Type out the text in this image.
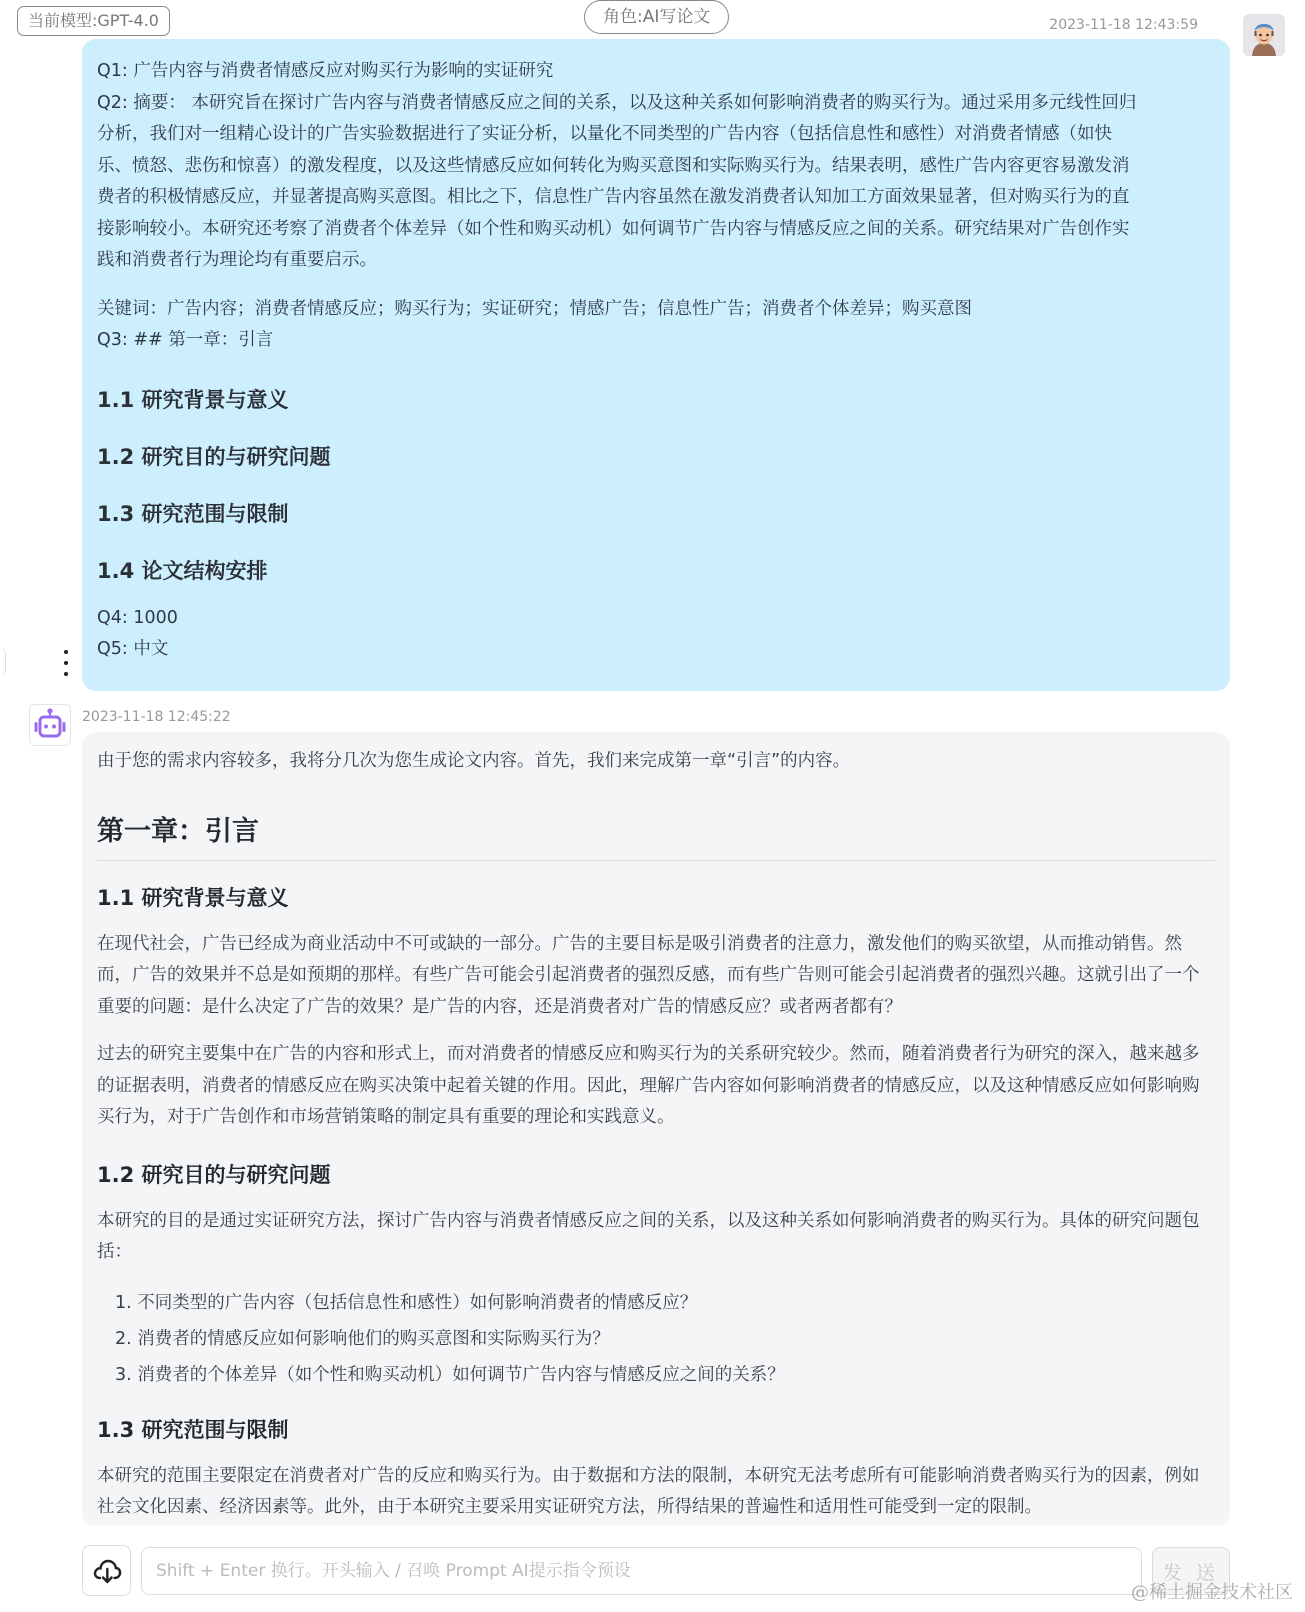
当前模型:GPT-4.0	角色:AI写论文	2023-11-18 12:43:59
Q1: 广告内容与消费者情感反应对购买行为影响的实证研究
Q2: 摘要： 本研究旨在探讨广告内容与消费者情感反应之间的关系，以及这种关系如何影响消费者的购买行为。通过采用多元线性回归
分析，我们对一组精心设计的广告实验数据进行了实证分析，以量化不同类型的广告内容（包括信息性和感性）对消费者情感（如快
乐、愤怒、悲伤和惊喜）的激发程度，以及这些情感反应如何转化为购买意图和实际购买行为。结果表明，感性广告内容更容易激发消
费者的积极情感反应，并显著提高购买意图。相比之下，信息性广告内容虽然在激发消费者认知加工方面效果显著，但对购买行为的直
接影响较小。本研究还考察了消费者个体差异（如个性和购买动机）如何调节广告内容与情感反应之间的关系。研究结果对广告创作实
践和消费者行为理论均有重要启示。
关键词：广告内容；消费者情感反应；购买行为；实证研究；情感广告；信息性广告；消费者个体差异；购买意图
Q3: ## 第一章：引言
1.1 研究背景与意义
1.2 研究目的与研究问题
1.3 研究范围与限制
1.4 论文结构安排
Q4: 1000
Q5: 中文
2023-11-18 12:45:22

由于您的需求内容较多，我将分几次为您生成论文内容。首先，我们来完成第一章“引言”的内容。

第一章：引言
1.1 研究背景与意义

在现代社会，广告已经成为商业活动中不可或缺的一部分。广告的主要目标是吸引消费者的注意力，激发他们的购买欲望，从而推动销售。然而，广告的效果并不总是如预期的那样。有些广告可能会引起消费者的强烈反感，而有些广告则可能会引起消费者的强烈兴趣。这就引出了一个重要的问题：是什么决定了广告的效果？是广告的内容，还是消费者对广告的情感反应？或者两者都有？

过去的研究主要集中在广告的内容和形式上，而对消费者的情感反应和购买行为的关系研究较少。然而，随着消费者行为研究的深入，越来越多的证据表明，消费者的情感反应在购买决策中起着关键的作用。因此，理解广告内容如何影响消费者的情感反应，以及这种情感反应如何影响购买行为，对于广告创作和市场营销策略的制定具有重要的理论和实践意义。

1.2 研究目的与研究问题

本研究的目的是通过实证研究方法，探讨广告内容与消费者情感反应之间的关系，以及这种关系如何影响消费者的购买行为。具体的研究问题包括：

1. 不同类型的广告内容（包括信息性和感性）如何影响消费者的情感反应？
2. 消费者的情感反应如何影响他们的购买意图和实际购买行为？
3. 消费者的个体差异（如个性和购买动机）如何调节广告内容与情感反应之间的关系？
1.3 研究范围与限制

本研究的范围主要限定在消费者对广告的反应和购买行为。由于数据和方法的限制，本研究无法考虑所有可能影响消费者购买行为的因素，例如社会文化因素、经济因素等。此外，由于本研究主要采用实证研究方法，所得结果的普遍性和适用性可能受到一定的限制。

Shift + Enter 换行。开头输入 / 召唤 Prompt AI提示指令预设
发 送
@稀土掘金技术社区
